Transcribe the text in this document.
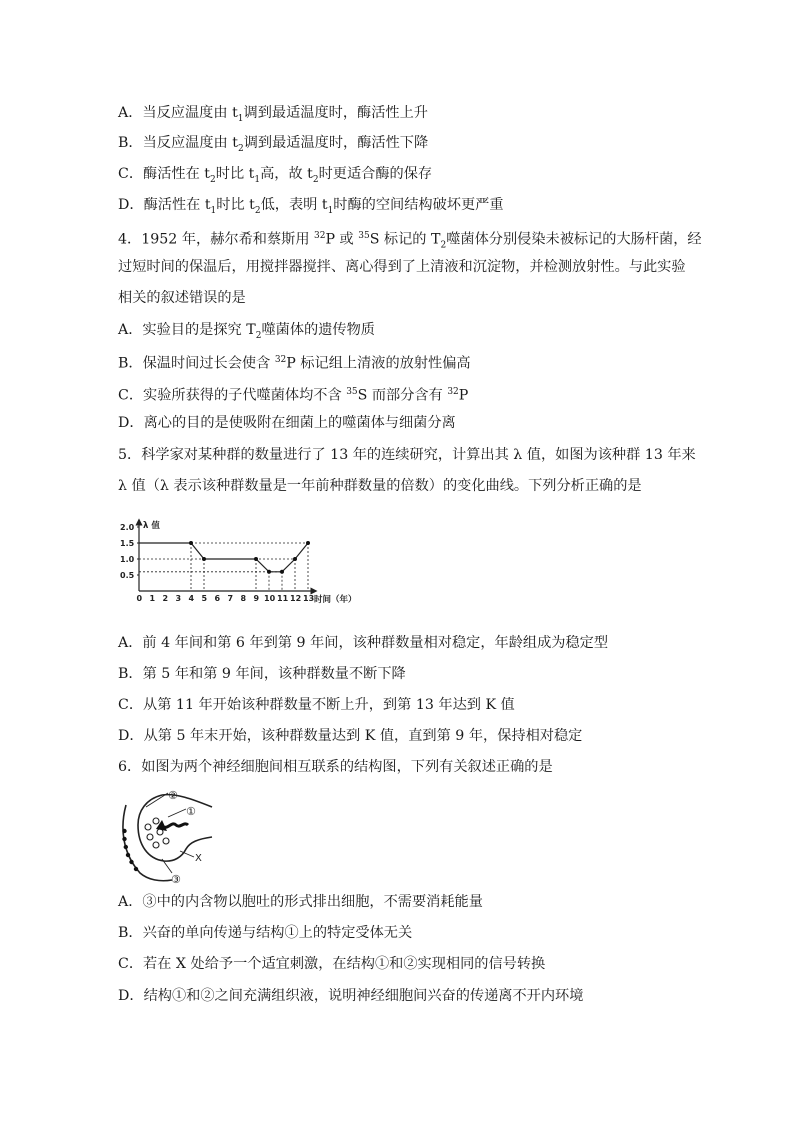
A．当反应温度由 $t_1$调到最适温度时，酶活性上升
B．当反应温度由 $t_2$调到最适温度时，酶活性下降
C．酶活性在 $t_2$时比 $t_1$高，故 $t_2$时更适合酶的保存
D．酶活性在 $t_1$时比 $t_2$低，表明 $t_1$时酶的空间结构破坏更严重
4．1952 年，赫尔希和蔡斯用 $^{32}$P 或 $^{35}$S 标记的 $T_2$噬菌体分别侵染未被标记的大肠杆菌，经
过短时间的保温后，用搅拌器搅拌、离心得到了上清液和沉淀物，并检测放射性。与此实验
相关的叙述错误的是
A．实验目的是探究 $T_2$噬菌体的遗传物质
B．保温时间过长会使含 $^{32}$P 标记组上清液的放射性偏高
C．实验所获得的子代噬菌体均不含 $^{35}$S 而部分含有 $^{32}$P
D．离心的目的是使吸附在细菌上的噬菌体与细菌分离
5．科学家对某种群的数量进行了 13 年的连续研究，计算出其 λ 值，如图为该种群 13 年来
λ 值（λ 表示该种群数量是一年前种群数量的倍数）的变化曲线。下列分析正确的是
λ 值
时间（年）
0.5
1.0
1.5
2.0
0 1 2 3 4 5 6 7 8 9 10 11 12 13
A．前 4 年间和第 6 年到第 9 年间，该种群数量相对稳定，年龄组成为稳定型
B．第 5 年和第 9 年间，该种群数量不断下降
C．从第 11 年开始该种群数量不断上升，到第 13 年达到 K 值
D．从第 5 年末开始，该种群数量达到 K 值，直到第 9 年，保持相对稳定
6．如图为两个神经细胞间相互联系的结构图，下列有关叙述正确的是
②
①
③
X
A．③中的内含物以胞吐的形式排出细胞，不需要消耗能量
B．兴奋的单向传递与结构①上的特定受体无关
C．若在 X 处给予一个适宜刺激，在结构①和②实现相同的信号转换
D．结构①和②之间充满组织液，说明神经细胞间兴奋的传递离不开内环境
